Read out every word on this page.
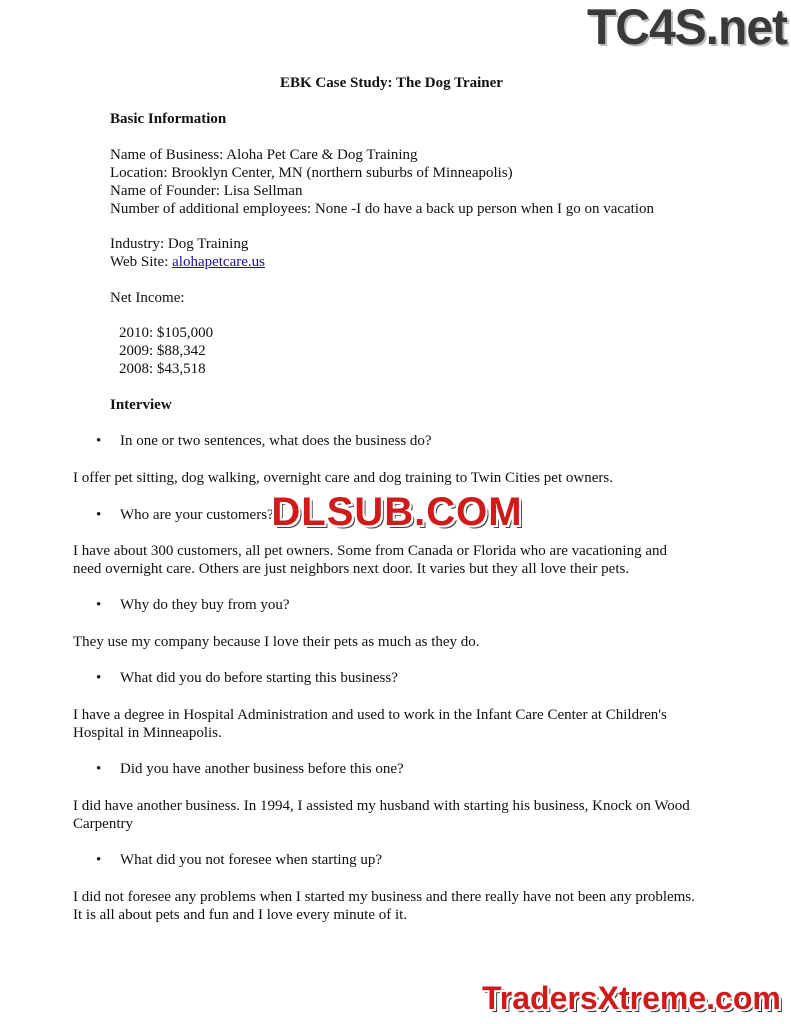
TC4S.net
EBK Case Study: The Dog Trainer
Basic Information
Name of Business: Aloha Pet Care & Dog Training
Location: Brooklyn Center, MN (northern suburbs of Minneapolis)
Name of Founder: Lisa Sellman
Number of additional employees: None -I do have a back up person when I go on vacation
Industry: Dog Training
Web Site: alohapetcare.us
Net Income:
2010: $105,000
2009: $88,342
2008: $43,518
Interview
• In one or two sentences, what does the business do?
I offer pet sitting, dog walking, overnight care and dog training to Twin Cities pet owners.
• Who are your customers?
I have about 300 customers, all pet owners. Some from Canada or Florida who are vacationing and
need overnight care. Others are just neighbors next door. It varies but they all love their pets.
• Why do they buy from you?
They use my company because I love their pets as much as they do.
• What did you do before starting this business?
I have a degree in Hospital Administration and used to work in the Infant Care Center at Children's
Hospital in Minneapolis.
• Did you have another business before this one?
I did have another business. In 1994, I assisted my husband with starting his business, Knock on Wood
Carpentry
• What did you not foresee when starting up?
I did not foresee any problems when I started my business and there really have not been any problems.
It is all about pets and fun and I love every minute of it.
DLSUB.COM
TradersXtreme.com
